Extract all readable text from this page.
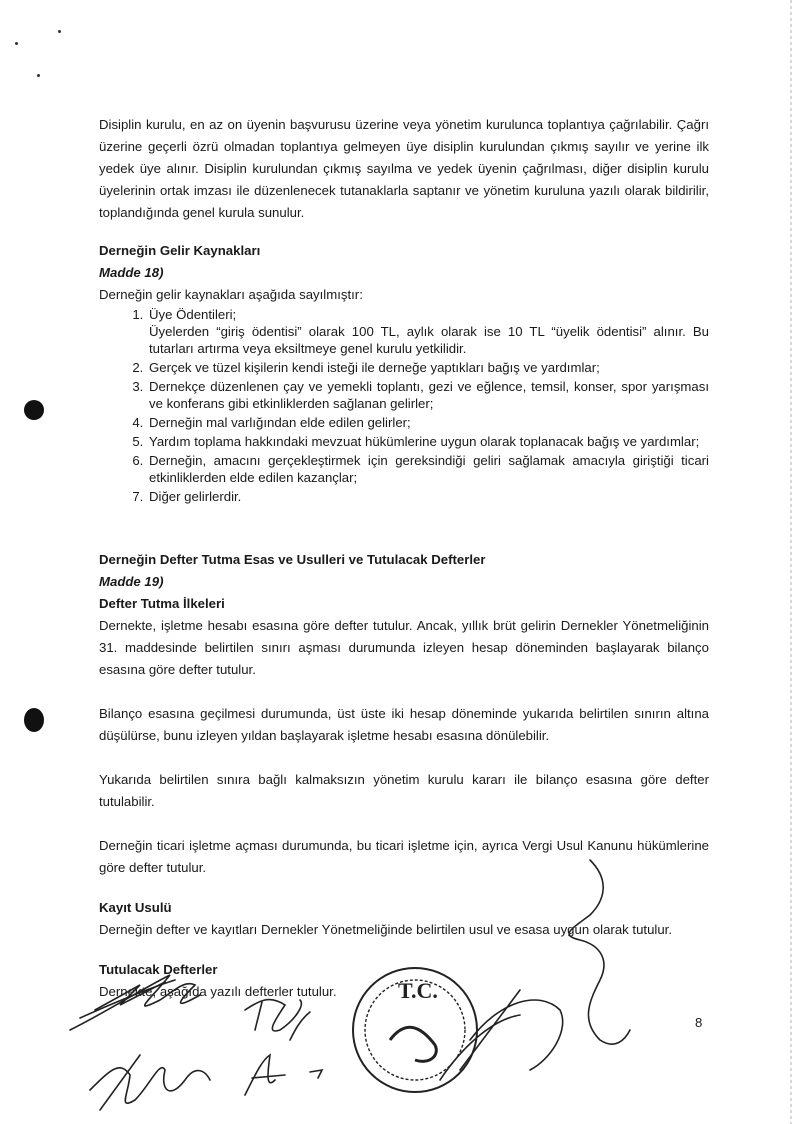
Disiplin kurulu, en az on üyenin başvurusu üzerine veya yönetim kurulunca toplantıya çağrılabilir. Çağrı üzerine geçerli özrü olmadan toplantıya gelmeyen üye disiplin kurulundan çıkmış sayılır ve yerine ilk yedek üye alınır. Disiplin kurulundan çıkmış sayılma ve yedek üyenin çağrılması, diğer disiplin kurulu üyelerinin ortak imzası ile düzenlenecek tutanaklarla saptanır ve yönetim kuruluna yazılı olarak bildirilir, toplandığında genel kurula sunulur.

Derneğin Gelir Kaynakları

Madde 18)

Derneğin gelir kaynakları aşağıda sayılmıştır:

1. Üye Ödentileri;
Üyelerden “giriş ödentisi” olarak 100 TL, aylık olarak ise 10 TL “üyelik ödentisi” alınır. Bu tutarları artırma veya eksiltmeye genel kurulu yetkilidir.
2. Gerçek ve tüzel kişilerin kendi isteği ile derneğe yaptıkları bağış ve yardımlar;
3. Dernekçe düzenlenen çay ve yemekli toplantı, gezi ve eğlence, temsil, konser, spor yarışması ve konferans gibi etkinliklerden sağlanan gelirler;
4. Derneğin mal varlığından elde edilen gelirler;
5. Yardım toplama hakkındaki mevzuat hükümlerine uygun olarak toplanacak bağış ve yardımlar;
6. Derneğin, amacını gerçekleştirmek için gereksindiği geliri sağlamak amacıyla giriştiği ticari etkinliklerden elde edilen kazançlar;
7. Diğer gelirlerdir.

Derneğin Defter Tutma Esas ve Usulleri ve Tutulacak Defterler

Madde 19)

Defter Tutma İlkeleri

Dernekte, işletme hesabı esasına göre defter tutulur. Ancak, yıllık brüt gelirin Dernekler Yönetmeliğinin 31. maddesinde belirtilen sınırı aşması durumunda izleyen hesap döneminden başlayarak bilanço esasına göre defter tutulur.

Bilanço esasına geçilmesi durumunda, üst üste iki hesap döneminde yukarıda belirtilen sınırın altına düşülürse, bunu izleyen yıldan başlayarak işletme hesabı esasına dönülebilir.

Yukarıda belirtilen sınıra bağlı kalmaksızın yönetim kurulu kararı ile bilanço esasına göre defter tutulabilir.

Derneğin ticari işletme açması durumunda, bu ticari işletme için, ayrıca Vergi Usul Kanunu hükümlerine göre defter tutulur.

Kayıt Usulü

Derneğin defter ve kayıtları Dernekler Yönetmeliğinde belirtilen usul ve esasa uygun olarak tutulur.

Tutulacak Defterler

Dernekte, aşağıda yazılı defterler tutulur.

8
T.C.
